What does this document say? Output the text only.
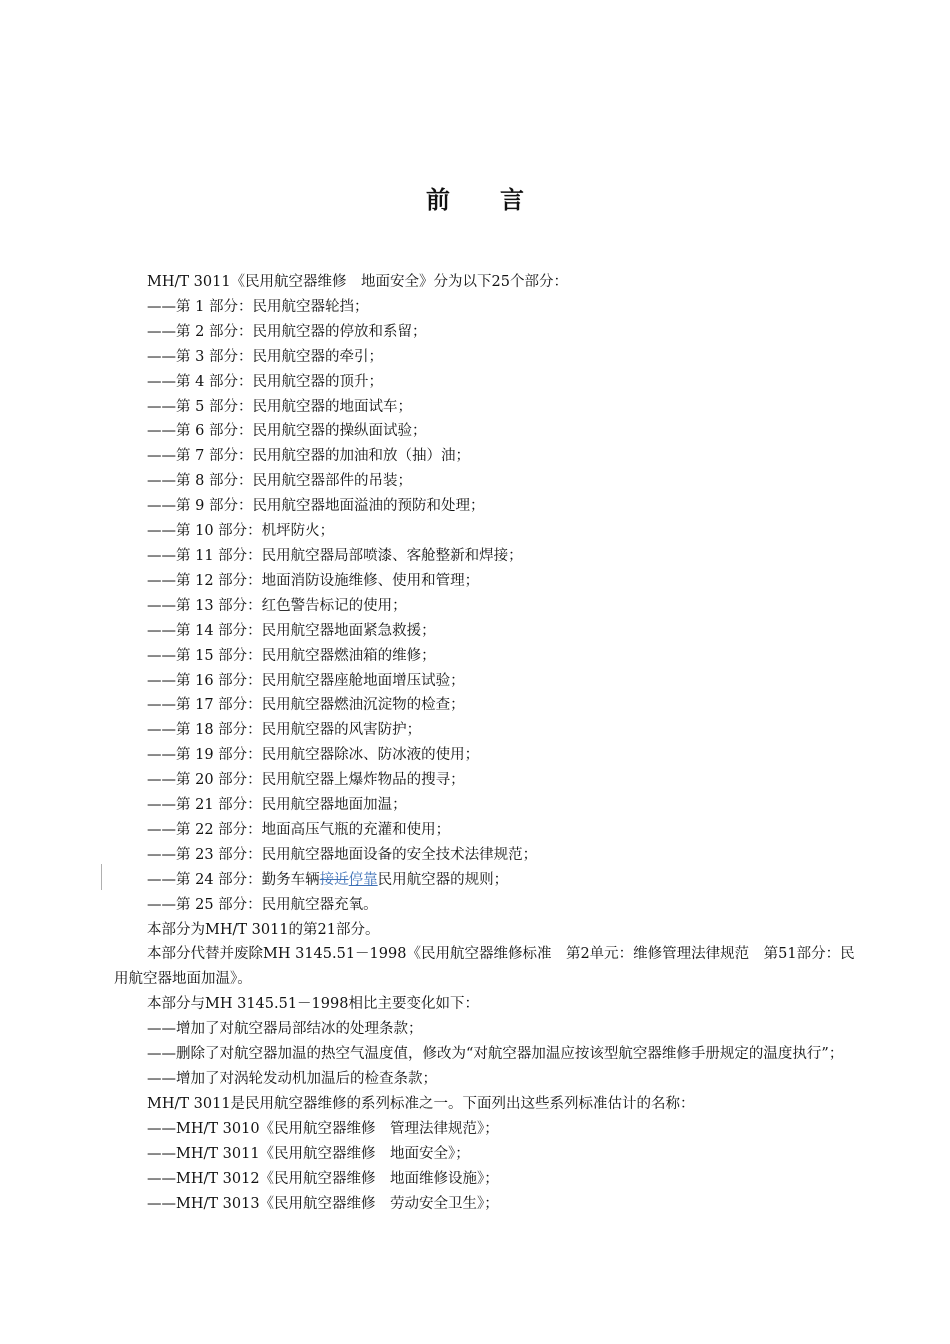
前 言

MH/T 3011《民用航空器维修　地面安全》分为以下25个部分：

——第 1 部分：民用航空器轮挡；

——第 2 部分：民用航空器的停放和系留；

——第 3 部分：民用航空器的牵引；

——第 4 部分：民用航空器的顶升；

——第 5 部分：民用航空器的地面试车；

——第 6 部分：民用航空器的操纵面试验；

——第 7 部分：民用航空器的加油和放（抽）油；

——第 8 部分：民用航空器部件的吊装；

——第 9 部分：民用航空器地面溢油的预防和处理；

——第 10 部分：机坪防火；

——第 11 部分：民用航空器局部喷漆、客舱整新和焊接；

——第 12 部分：地面消防设施维修、使用和管理；

——第 13 部分：红色警告标记的使用；

——第 14 部分：民用航空器地面紧急救援；

——第 15 部分：民用航空器燃油箱的维修；

——第 16 部分：民用航空器座舱地面增压试验；

——第 17 部分：民用航空器燃油沉淀物的检查；

——第 18 部分：民用航空器的风害防护；

——第 19 部分：民用航空器除冰、防冰液的使用；

——第 20 部分：民用航空器上爆炸物品的搜寻；

——第 21 部分：民用航空器地面加温；

——第 22 部分：地面高压气瓶的充灌和使用；

——第 23 部分：民用航空器地面设备的安全技术法律规范；

——第 24 部分：勤务车辆接近停靠民用航空器的规则；

——第 25 部分：民用航空器充氧。

本部分为MH/T 3011的第21部分。

本部分代替并废除MH 3145.51－1998《民用航空器维修标准　第2单元：维修管理法律规范　第51部分：民用航空器地面加温》。

本部分与MH 3145.51－1998相比主要变化如下：

——增加了对航空器局部结冰的处理条款；

——删除了对航空器加温的热空气温度值，修改为“对航空器加温应按该型航空器维修手册规定的温度执行”；

——增加了对涡轮发动机加温后的检查条款；

MH/T 3011是民用航空器维修的系列标准之一。下面列出这些系列标准估计的名称：

——MH/T 3010《民用航空器维修　管理法律规范》；

——MH/T 3011《民用航空器维修　地面安全》；

——MH/T 3012《民用航空器维修　地面维修设施》；

——MH/T 3013《民用航空器维修　劳动安全卫生》；
